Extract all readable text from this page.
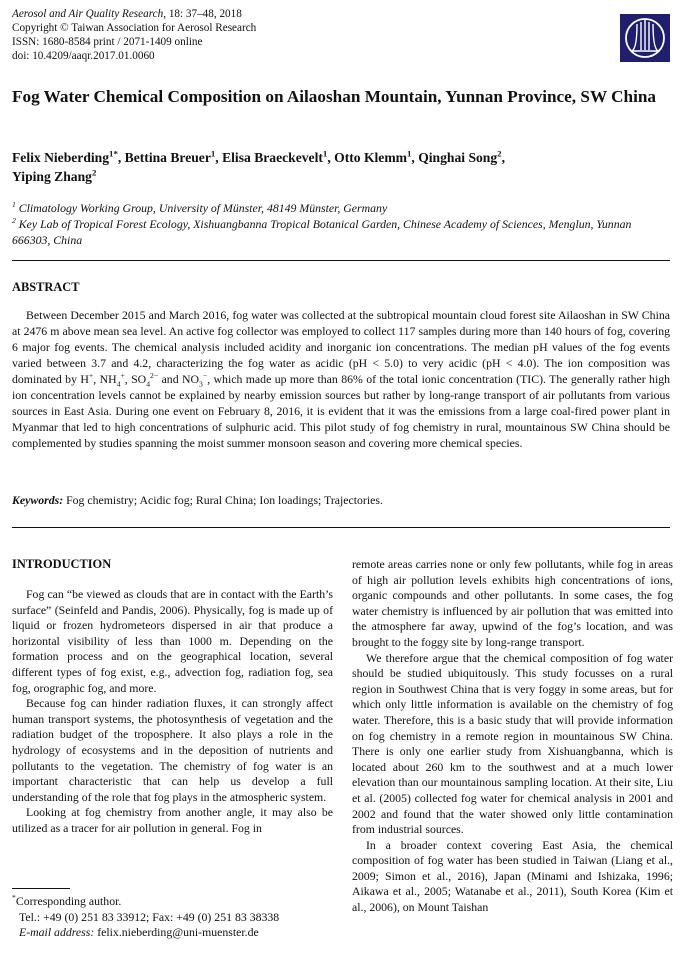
Aerosol and Air Quality Research, 18: 37–48, 2018
Copyright © Taiwan Association for Aerosol Research
ISSN: 1680-8584 print / 2071-1409 online
doi: 10.4209/aaqr.2017.01.0060
Fog Water Chemical Composition on Ailaoshan Mountain, Yunnan Province, SW China
Felix Nieberding$^{1*}$, Bettina Breuer$^1$, Elisa Braeckevelt$^1$, Otto Klemm$^1$, Qinghai Song$^2$,
Yiping Zhang$^2$
$^1$ Climatology Working Group, University of Münster, 48149 Münster, Germany
$^2$ Key Lab of Tropical Forest Ecology, Xishuangbanna Tropical Botanical Garden, Chinese Academy of Sciences, Menglun, Yunnan 666303, China
ABSTRACT

Between December 2015 and March 2016, fog water was collected at the subtropical mountain cloud forest site Ailaoshan in SW China at 2476 m above mean sea level. An active fog collector was employed to collect 117 samples during more than 140 hours of fog, covering 6 major fog events. The chemical analysis included acidity and inorganic ion concentrations. The median pH values of the fog events varied between 3.7 and 4.2, characterizing the fog water as acidic (pH < 5.0) to very acidic (pH < 4.0). The ion composition was dominated by H+, $NH_4^+$, $SO_4^{2-}$ and $NO_3^-$, which made up more than 86% of the total ionic concentration (TIC). The generally rather high ion concentration levels cannot be explained by nearby emission sources but rather by long-range transport of air pollutants from various sources in East Asia. During one event on February 8, 2016, it is evident that it was the emissions from a large coal-fired power plant in Myanmar that led to high concentrations of sulphuric acid. This pilot study of fog chemistry in rural, mountainous SW China should be complemented by studies spanning the moist summer monsoon season and covering more chemical species.

Keywords: Fog chemistry; Acidic fog; Rural China; Ion loadings; Trajectories.
INTRODUCTION

Fog can “be viewed as clouds that are in contact with the Earth’s surface” (Seinfeld and Pandis, 2006). Physically, fog is made up of liquid or frozen hydrometeors dispersed in air that produce a horizontal visibility of less than 1000 m. Depending on the formation process and on the geographical location, several different types of fog exist, e.g., advection fog, radiation fog, sea fog, orographic fog, and more.

Because fog can hinder radiation fluxes, it can strongly affect human transport systems, the photosynthesis of vegetation and the radiation budget of the troposphere. It also plays a role in the hydrology of ecosystems and in the deposition of nutrients and pollutants to the vegetation. The chemistry of fog water is an important characteristic that can help us develop a full understanding of the role that fog plays in the atmospheric system.

Looking at fog chemistry from another angle, it may also be utilized as a tracer for air pollution in general. Fog in

remote areas carries none or only few pollutants, while fog in areas of high air pollution levels exhibits high concentrations of ions, organic compounds and other pollutants. In some cases, the fog water chemistry is influenced by air pollution that was emitted into the atmosphere far away, upwind of the fog’s location, and was brought to the foggy site by long-range transport.

We therefore argue that the chemical composition of fog water should be studied ubiquitously. This study focusses on a rural region in Southwest China that is very foggy in some areas, but for which only little information is available on the chemistry of fog water. Therefore, this is a basic study that will provide information on fog chemistry in a remote region in mountainous SW China. There is only one earlier study from Xishuangbanna, which is located about 260 km to the southwest and at a much lower elevation than our mountainous sampling location. At their site, Liu et al. (2005) collected fog water for chemical analysis in 2001 and 2002 and found that the water showed only little contamination from industrial sources.

In a broader context covering East Asia, the chemical composition of fog water has been studied in Taiwan (Liang et al., 2009; Simon et al., 2016), Japan (Minami and Ishizaka, 1996; Aikawa et al., 2005; Watanabe et al., 2011), South Korea (Kim et al., 2006), on Mount Taishan

*Corresponding author.
Tel.: +49 (0) 251 83 33912; Fax: +49 (0) 251 83 38338
E-mail address: felix.nieberding@uni-muenster.de
